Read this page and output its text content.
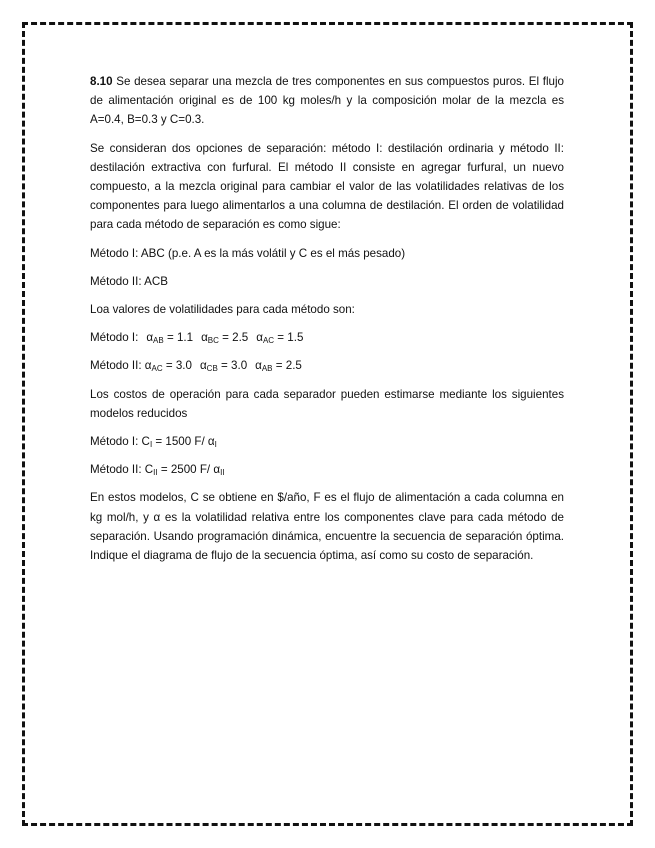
8.10 Se desea separar una mezcla de tres componentes en sus compuestos puros. El flujo de alimentación original es de 100 kg moles/h y la composición molar de la mezcla es A=0.4, B=0.3 y C=0.3.

Se consideran dos opciones de separación: método I: destilación ordinaria y método II: destilación extractiva con furfural. El método II consiste en agregar furfural, un nuevo compuesto, a la mezcla original para cambiar el valor de las volatilidades relativas de los componentes para luego alimentarlos a una columna de destilación. El orden de volatilidad para cada método de separación es como sigue:

Método I: ABC (p.e. A es la más volátil y C es el más pesado)

Método II: ACB

Loa valores de volatilidades para cada método son:

Método I: $\alpha_{AB} = 1.1$ $\alpha_{BC} = 2.5$ $\alpha_{AC} = 1.5$

Método II: $\alpha_{AC} = 3.0$ $\alpha_{CB} = 3.0$ $\alpha_{AB} = 2.5$

Los costos de operación para cada separador pueden estimarse mediante los siguientes modelos reducidos

Método I: $C_I = 1500$ F/ $\alpha_I$

Método II: $C_{II} = 2500$ F/ $\alpha_{II}$

En estos modelos, C se obtiene en $/año, F es el flujo de alimentación a cada columna en kg mol/h, y α es la volatilidad relativa entre los componentes clave para cada método de separación. Usando programación dinámica, encuentre la secuencia de separación óptima. Indique el diagrama de flujo de la secuencia óptima, así como su costo de separación.
